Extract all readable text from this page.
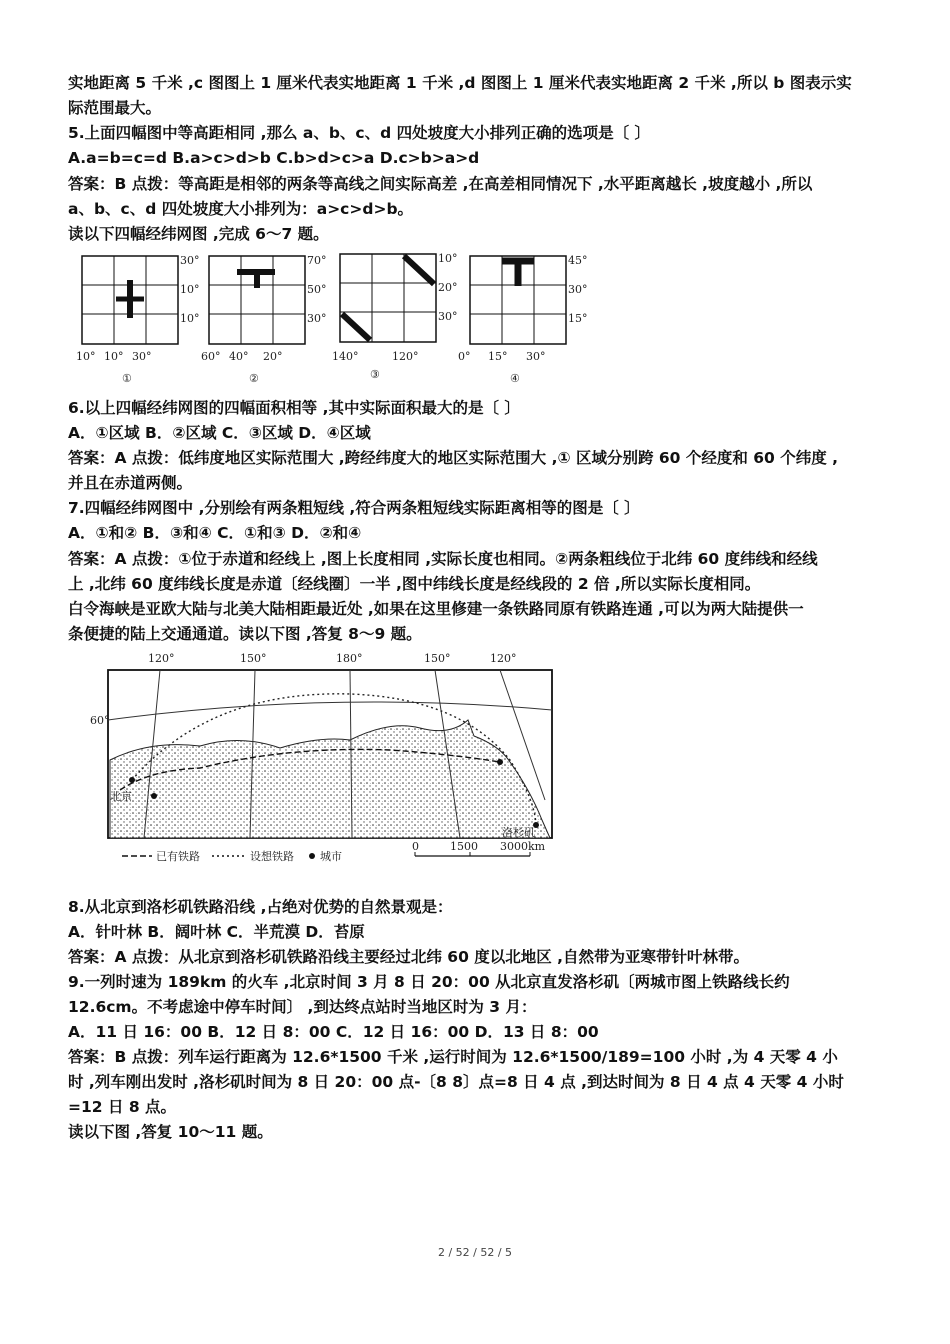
实地距离 5 千米 ,c 图图上 1 厘米代表实地距离 1 千米 ,d 图图上 1 厘米代表实地距离 2 千米 ,所以 b 图表示实
际范围最大。
5.上面四幅图中等高距相同 ,那么 a、b、c、d 四处坡度大小排列正确的选项是〔 〕
A.a=b=c=d B.a>c>d>b C.b>d>c>a D.c>b>a>d
答案：B 点拨：等高距是相邻的两条等高线之间实际高差 ,在高差相同情况下 ,水平距离越长 ,坡度越小 ,所以
a、b、c、d 四处坡度大小排列为：a>c>d>b。
读以下四幅经纬网图 ,完成 6～7 题。
30°
10°
10°
10° 10° 30°
①
70°
50°
30°
60° 40° 20°
②
10°
20°
30°
140°	120°
③
45°
30°
15°
0° 15° 30°
④
6.以上四幅经纬网图的四幅面积相等 ,其中实际面积最大的是〔 〕
A．①区域 B．②区域 C．③区域 D．④区域
答案：A 点拨：低纬度地区实际范围大 ,跨经纬度大的地区实际范围大 ,① 区域分别跨 60 个经度和 60 个纬度 ,
并且在赤道两侧。
7.四幅经纬网图中 ,分别绘有两条粗短线 ,符合两条粗短线实际距离相等的图是〔 〕
A．①和② B．③和④ C．①和③ D．②和④
答案：A 点拨：①位于赤道和经线上 ,图上长度相同 ,实际长度也相同。②两条粗线位于北纬 60 度纬线和经线
上 ,北纬 60 度纬线长度是赤道〔经线圈〕一半 ,图中纬线长度是经线段的 2 倍 ,所以实际长度相同。
白令海峡是亚欧大陆与北美大陆相距最近处 ,如果在这里修建一条铁路同原有铁路连通 ,可以为两大陆提供一
条便捷的陆上交通通道。读以下图 ,答复 8～9 题。
120°	150°	180°	150°	120°
60°
北京
洛杉矶
已有铁路	设想铁路 城市
0	1500 3000km
8.从北京到洛杉矶铁路沿线 ,占绝对优势的自然景观是：
A．针叶林 B．阔叶林 C．半荒漠 D．苔原
答案：A 点拨：从北京到洛杉矶铁路沿线主要经过北纬 60 度以北地区 ,自然带为亚寒带针叶林带。
9.一列时速为 189km 的火车 ,北京时间 3 月 8 日 20：00 从北京直发洛杉矶〔两城市图上铁路线长约
12.6cm。不考虑途中停车时间〕 ,到达终点站时当地区时为 3 月：
A．11 日 16：00 B．12 日 8：00 C．12 日 16：00 D．13 日 8：00
答案：B 点拨：列车运行距离为 12.6*1500 千米 ,运行时间为 12.6*1500/189=100 小时 ,为 4 天零 4 小
时 ,列车刚出发时 ,洛杉矶时间为 8 日 20：00 点-〔8 8〕点=8 日 4 点 ,到达时间为 8 日 4 点 4 天零 4 小时
=12 日 8 点。
读以下图 ,答复 10～11 题。
2 / 52 / 52 / 5
